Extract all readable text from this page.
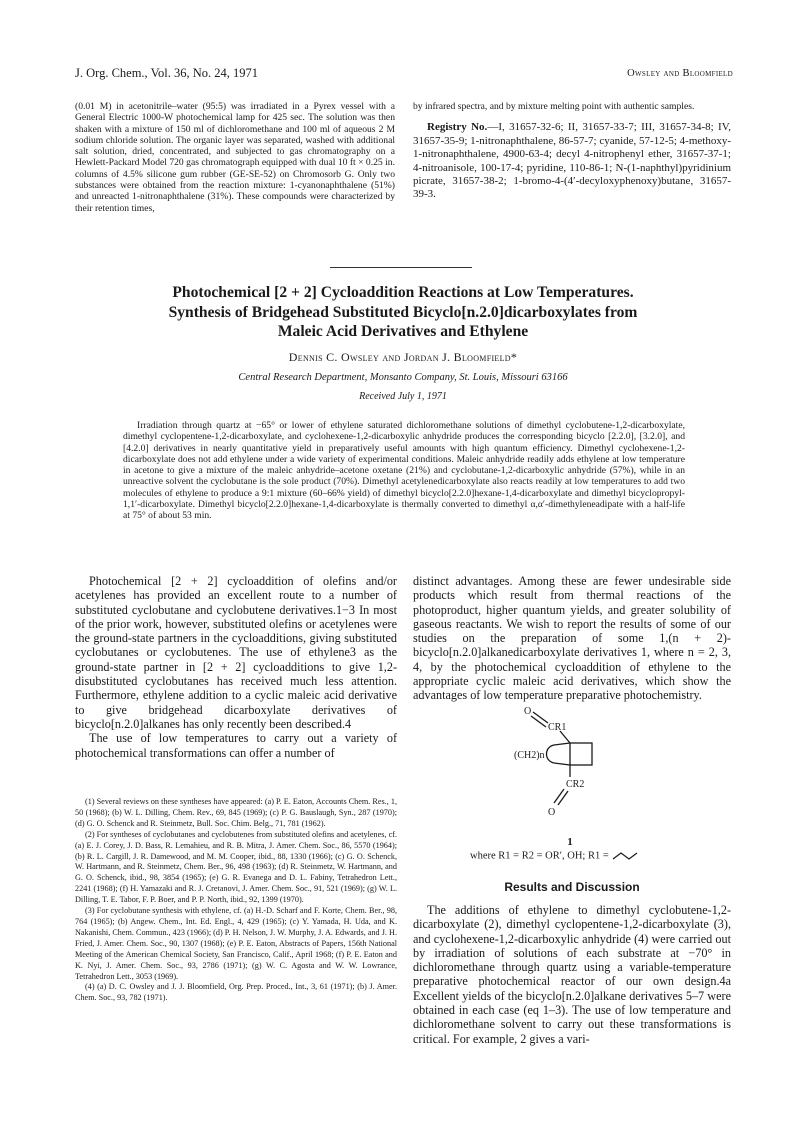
J. Org. Chem., Vol. 36, No. 24, 1971	Owsley and Bloomfield

(0.01 M) in acetonitrile–water (95:5) was irradiated in a Pyrex vessel with a General Electric 1000-W photochemical lamp for 425 sec. The solution was then shaken with a mixture of 150 ml of dichloromethane and 100 ml of aqueous 2 M sodium chloride solution. The organic layer was separated, washed with additional salt solution, dried, concentrated, and subjected to gas chromatography on a Hewlett-Packard Model 720 gas chromatograph equipped with dual 10 ft × 0.25 in. columns of 4.5% silicone gum rubber (GE-SE-52) on Chromosorb G. Only two substances were obtained from the reaction mixture: 1-cyanonaphthalene (51%) and unreacted 1-nitronaphthalene (31%). These compounds were characterized by their retention times,

by infrared spectra, and by mixture melting point with authentic samples.

Registry No.—I, 31657-32-6; II, 31657-33-7; III, 31657-34-8; IV, 31657-35-9; 1-nitronaphthalene, 86-57-7; cyanide, 57-12-5; 4-methoxy-1-nitronaphthalene, 4900-63-4; decyl 4-nitrophenyl ether, 31657-37-1; 4-nitroanisole, 100-17-4; pyridine, 110-86-1; N-(1-naphthyl)pyridinium picrate, 31657-38-2; 1-bromo-4-(4′-decyloxyphenoxy)butane, 31657-39-3.

Photochemical [2 + 2] Cycloaddition Reactions at Low Temperatures.
Synthesis of Bridgehead Substituted Bicyclo[n.2.0]dicarboxylates from
Maleic Acid Derivatives and Ethylene
Dennis C. Owsley and Jordan J. Bloomfield*
Central Research Department, Monsanto Company, St. Louis, Missouri 63166
Received July 1, 1971

Irradiation through quartz at −65° or lower of ethylene saturated dichloromethane solutions of dimethyl cyclobutene-1,2-dicarboxylate, dimethyl cyclopentene-1,2-dicarboxylate, and cyclohexene-1,2-dicarboxylic anhydride produces the corresponding bicyclo [2.2.0], [3.2.0], and [4.2.0] derivatives in nearly quantitative yield in preparatively useful amounts with high quantum efficiency. Dimethyl cyclohexene-1,2-dicarboxylate does not add ethylene under a wide variety of experimental conditions. Maleic anhydride readily adds ethylene at low temperature in acetone to give a mixture of the maleic anhydride–acetone oxetane (21%) and cyclobutane-1,2-dicarboxylic anhydride (57%), while in an unreactive solvent the cyclobutane is the sole product (70%). Dimethyl acetylenedicarboxylate also reacts readily at low temperatures to add two molecules of ethylene to produce a 9:1 mixture (60–66% yield) of dimethyl bicyclo[2.2.0]hexane-1,4-dicarboxylate and dimethyl bicyclopropyl-1,1′-dicarboxylate. Dimethyl bicyclo[2.2.0]hexane-1,4-dicarboxylate is thermally converted to dimethyl α,α′-dimethyleneadipate with a half-life at 75° of about 53 min.

Photochemical [2 + 2] cycloaddition of olefins and/or acetylenes has provided an excellent route to a number of substituted cyclobutane and cyclobutene derivatives.1−3 In most of the prior work, however, substituted olefins or acetylenes were the ground-state partners in the cycloadditions, giving substituted cyclobutanes or cyclobutenes. The use of ethylene3 as the ground-state partner in [2 + 2] cycloadditions to give 1,2-disubstituted cyclobutanes has received much less attention. Furthermore, ethylene addition to a cyclic maleic acid derivative to give bridgehead dicarboxylate derivatives of bicyclo[n.2.0]alkanes has only recently been described.4

The use of low temperatures to carry out a variety of photochemical transformations can offer a number of

(1) Several reviews on these syntheses have appeared: (a) P. E. Eaton, Accounts Chem. Res., 1, 50 (1968); (b) W. L. Dilling, Chem. Rev., 69, 845 (1969); (c) P. G. Bauslaugh, Syn., 287 (1970); (d) G. O. Schenck and R. Steinmetz, Bull. Soc. Chim. Belg., 71, 781 (1962).

(2) For syntheses of cyclobutanes and cyclobutenes from substituted olefins and acetylenes, cf. (a) E. J. Corey, J. D. Bass, R. Lemahieu, and R. B. Mitra, J. Amer. Chem. Soc., 86, 5570 (1964); (b) R. L. Cargill, J. R. Damewood, and M. M. Cooper, ibid., 88, 1330 (1966); (c) G. O. Schenck, W. Hartmann, and R. Steinmetz, Chem. Ber., 96, 498 (1963); (d) R. Steinmetz, W. Hartmann, and G. O. Schenck, ibid., 98, 3854 (1965); (e) G. R. Evanega and D. L. Fabiny, Tetrahedron Lett., 2241 (1968); (f) H. Yamazaki and R. J. Cretanovi, J. Amer. Chem. Soc., 91, 521 (1969); (g) W. L. Dilling, T. E. Tabor, F. P. Boer, and P. P. North, ibid., 92, 1399 (1970).

(3) For cyclobutane synthesis with ethylene, cf. (a) H.-D. Scharf and F. Korte, Chem. Ber., 98, 764 (1965); (b) Angew. Chem., Int. Ed. Engl., 4, 429 (1965); (c) Y. Yamada, H. Uda, and K. Nakanishi, Chem. Commun., 423 (1966); (d) P. H. Nelson, J. W. Murphy, J. A. Edwards, and J. H. Fried, J. Amer. Chem. Soc., 90, 1307 (1968); (e) P. E. Eaton, Abstracts of Papers, 156th National Meeting of the American Chemical Society, San Francisco, Calif., April 1968; (f) P. E. Eaton and K. Nyi, J. Amer. Chem. Soc., 93, 2786 (1971); (g) W. C. Agosta and W. W. Lowrance, Tetrahedron Lett., 3053 (1969).

(4) (a) D. C. Owsley and J. J. Bloomfield, Org. Prep. Proced., Int., 3, 61 (1971); (b) J. Amer. Chem. Soc., 93, 782 (1971).

distinct advantages. Among these are fewer undesirable side products which result from thermal reactions of the photoproduct, higher quantum yields, and greater solubility of gaseous reactants. We wish to report the results of some of our studies on the preparation of some 1,(n + 2)-bicyclo[n.2.0]alkanedicarboxylate derivatives 1, where n = 2, 3, 4, by the photochemical cycloaddition of ethylene to the appropriate cyclic maleic acid derivatives, which show the advantages of low temperature preparative photochemistry.

O
CR1
(CH2)n
CR2
O
1
where R1 = R2 = OR′, OH; R1 =
Results and Discussion

The additions of ethylene to dimethyl cyclobutene-1,2-dicarboxylate (2), dimethyl cyclopentene-1,2-dicarboxylate (3), and cyclohexene-1,2-dicarboxylic anhydride (4) were carried out by irradiation of solutions of each substrate at −70° in dichloromethane through quartz using a variable-temperature preparative photochemical reactor of our own design.4a Excellent yields of the bicyclo[n.2.0]alkane derivatives 5–7 were obtained in each case (eq 1–3). The use of low temperature and dichloromethane solvent to carry out these transformations is critical. For example, 2 gives a vari-
